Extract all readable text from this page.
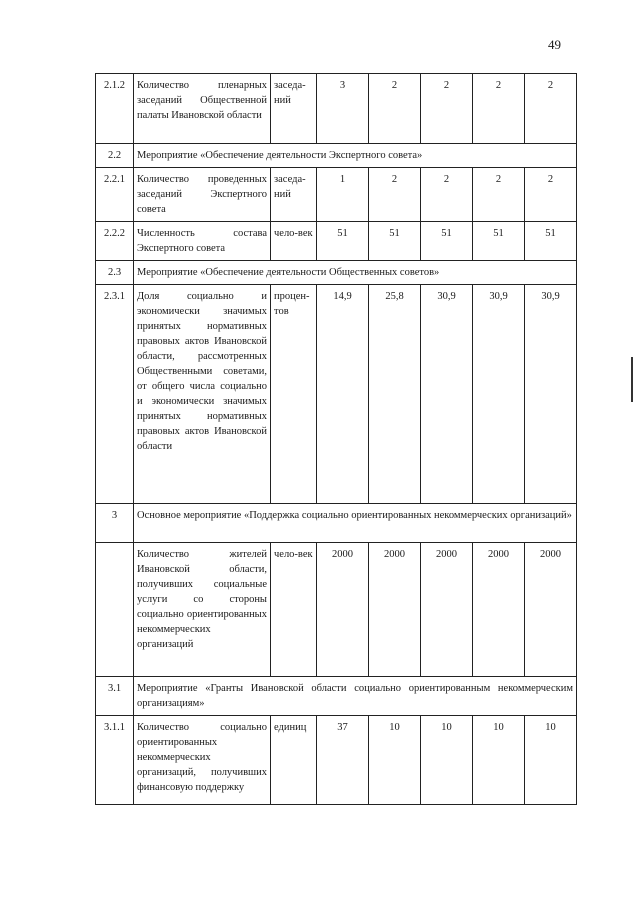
49
2.1.2	Количество пленарных заседаний Общественной палаты Ивановской области	заседа-ний	3	2	2	2	2
2.2	Мероприятие «Обеспечение деятельности Экспертного совета»						
2.2.1	Количество проведенных заседаний Экспертного совета	заседа-ний	1	2	2	2	2
2.2.2	Численность состава Экспертного совета	чело-век	51	51	51	51	51
2.3	Мероприятие «Обеспечение деятельности Общественных советов»						
2.3.1	Доля социально и экономически значимых принятых нормативных правовых актов Ивановской области, рассмотренных Общественными советами, от общего числа социально и экономически значимых принятых нормативных правовых актов Ивановской области	процен-тов	14,9	25,8	30,9	30,9	30,9
3	Основное мероприятие «Поддержка социально ориентированных некоммерческих организаций»						
	Количество жителей Ивановской области, получивших социальные услуги со стороны социально ориентированных некоммерческих организаций	чело-век	2000	2000	2000	2000	2000
3.1	Мероприятие «Гранты Ивановской области социально ориентированным некоммерческим организациям»						
3.1.1	Количество социально ориентированных некоммерческих организаций, получивших финансовую поддержку	единиц	37	10	10	10	10
